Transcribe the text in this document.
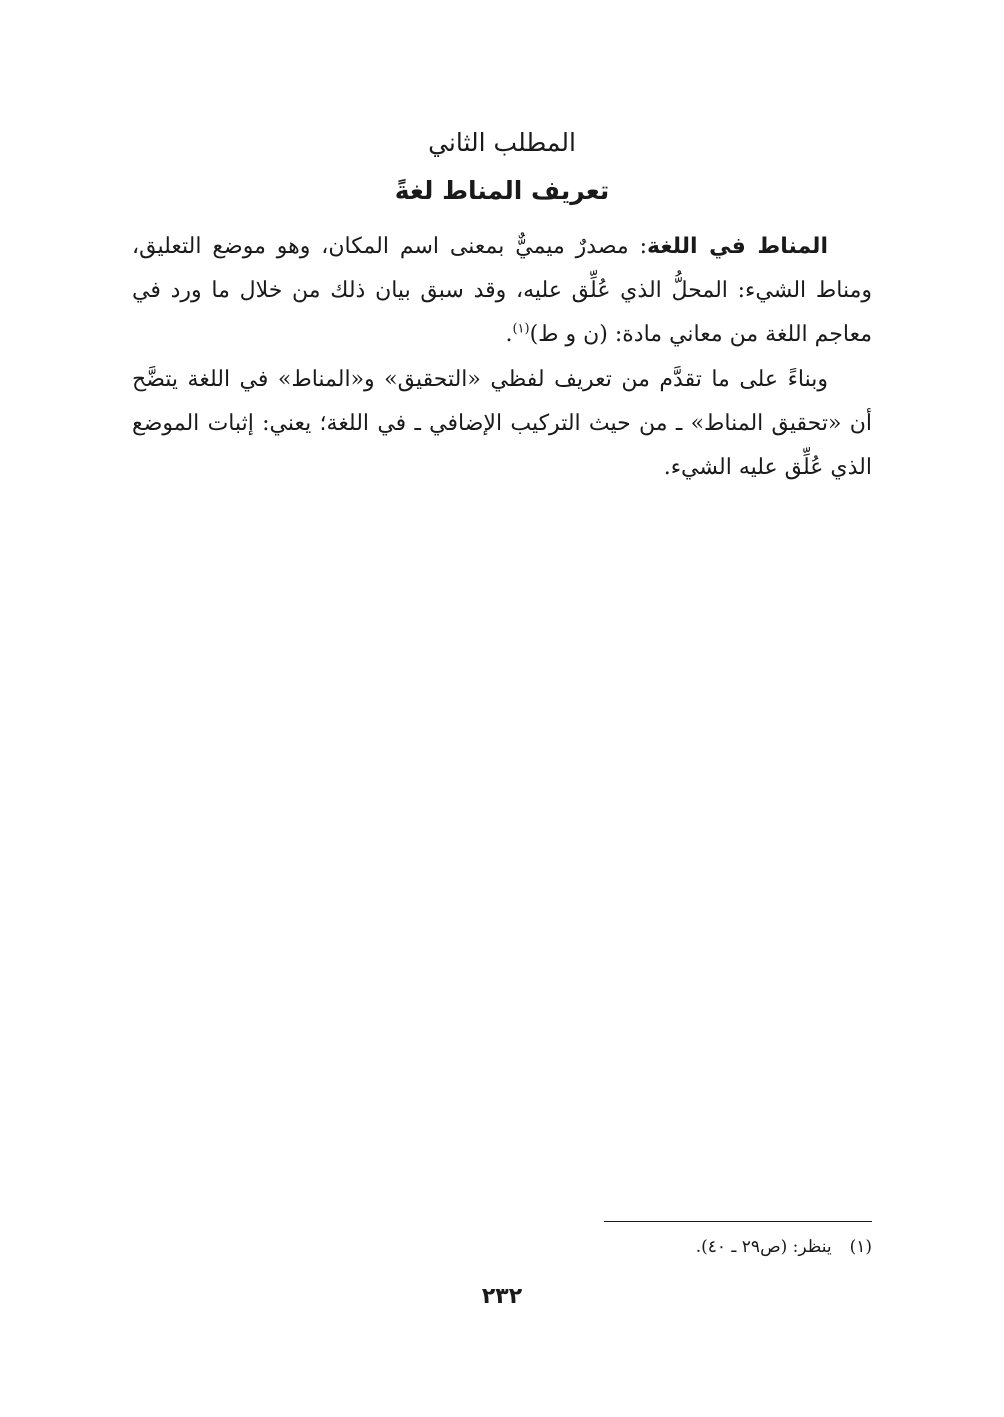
المطلب الثاني
تعريف المناط لغةً

  المناط في اللغة: مصدرٌ ميميٌّ بمعنى اسم المكان، وهو موضع التعليق، ومناط الشيء: المحلُّ الذي عُلِّق عليه، وقد سبق بيان ذلك من خلال ما ورد في معاجم اللغة من معاني مادة: (ن و ط)$^{(١)}$.

  وبناءً على ما تقدَّم من تعريف لفظي «التحقيق» و«المناط» في اللغة يتضَّح أن «تحقيق المناط» ـ من حيث التركيب الإضافي ـ في اللغة؛ يعني: إثبات الموضع الذي عُلِّق عليه الشيء.

(١)ينظر: (ص٢٩ ـ ٤٠).

٢٣٢
